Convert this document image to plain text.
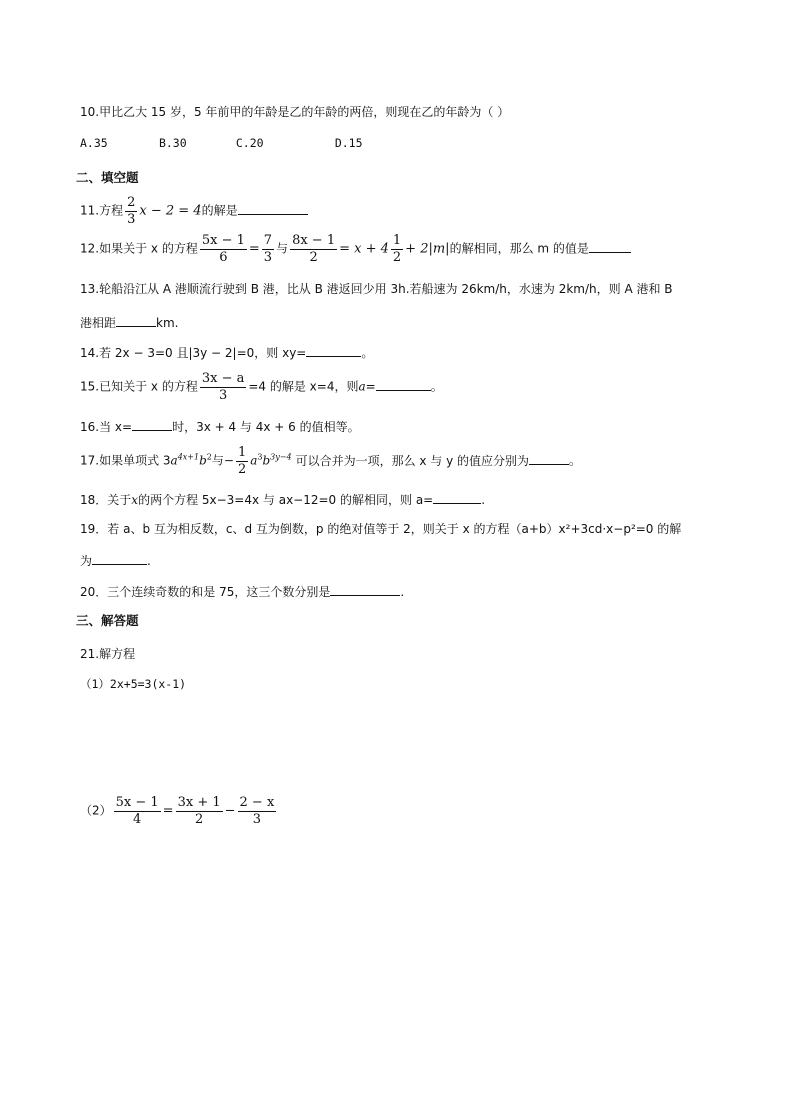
10.甲比乙大 15 岁，5 年前甲的年龄是乙的年龄的两倍，则现在乙的年龄为（ ）
A.35	B.30	C.20	D.15
二、填空题
11.方程 $\frac{2}{3}$ x − 2 = 4的解是
12.如果关于 x 的方程 $\frac{5x - 1}{6} = \frac{7}{3}$ 与 $\frac{8x - 1}{2} = x + 4 \frac{1}{2} + 2|m|$的解相同，那么 m 的值是
13.轮船沿江从 A 港顺流行驶到 B 港，比从 B 港返回少用 3h.若船速为 26km/h，水速为 2km/h，则 A 港和 B
港相距	km.
14.若 2x − 3=0 且|3y − 2|=0，则 xy=	。
15.已知关于 x 的方程 $\frac{3x - a}{3} =4$ 的解是 x=4，则a=	。
16.当 x=	时，3x + 4 与 4x + 6 的值相等。
17.如果单项式 $3a^{4x+1}b^2$与− $\frac{1}{2} a^3b^{3y-4}$ 可以合并为一项，那么 x 与 y 的值应分别为	。
18．关于x的两个方程 5x−3=4x 与 ax−12=0 的解相同，则 a=	.
19．若 a、b 互为相反数，c、d 互为倒数，p 的绝对值等于 2，则关于 x 的方程（a+b）x²+3cd·x−p²=0 的解
为	.
20．三个连续奇数的和是 75，这三个数分别是	.
三、解答题
21.解方程
（1）2x+5=3(x-1)
$(2) \frac{5x - 1}{4} = \frac{3x + 1}{2} - \frac{2 - x}{3}$
